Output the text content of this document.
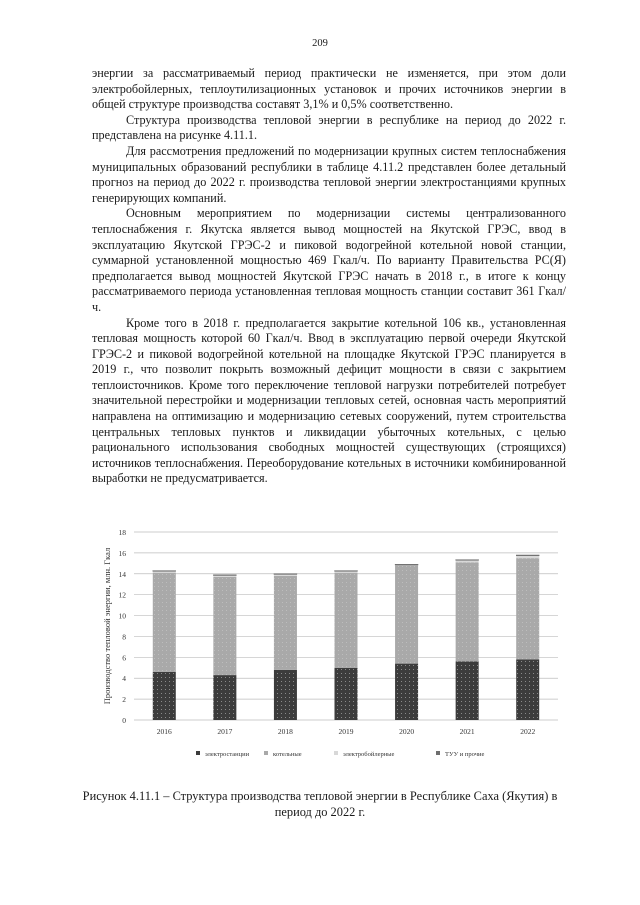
209

энергии за рассматриваемый период практически не изменяется, при этом доли электробойлерных, теплоутилизационных установок и прочих источников энергии в общей структуре производства составят 3,1% и 0,5% соответственно.

Структура производства тепловой энергии в республике на период до 2022 г. представлена на рисунке 4.11.1.

Для рассмотрения предложений по модернизации крупных систем теплоснабжения муниципальных образований республики в таблице 4.11.2 представлен более детальный прогноз на период до 2022 г. производства тепловой энергии электростанциями крупных генерирующих компаний.

Основным мероприятием по модернизации системы централизованного теплоснабжения г. Якутска является вывод мощностей на Якутской ГРЭС, ввод в эксплуатацию Якутской ГРЭС-2 и пиковой водогрейной котельной новой станции, суммарной установленной мощностью 469 Гкал/ч. По варианту Правительства РС(Я) предполагается вывод мощностей Якутской ГРЭС начать в 2018 г., в итоге к концу рассматриваемого периода установленная тепловая мощность станции составит 361 Гкал/ч.

Кроме того в 2018 г. предполагается закрытие котельной 106 кв., установленная тепловая мощность которой 60 Гкал/ч. Ввод в эксплуатацию первой очереди Якутской ГРЭС-2 и пиковой водогрейной котельной на площадке Якутской ГРЭС планируется в 2019 г., что позволит покрыть возможный дефицит мощности в связи с закрытием теплоисточников. Кроме того переключение тепловой нагрузки потребителей потребует значительной перестройки и модернизации тепловых сетей, основная часть мероприятий направлена на оптимизацию и модернизацию сетевых сооружений, путем строительства центральных тепловых пунктов и ликвидации убыточных котельных, с целью рационального использования свободных мощностей существующих (строящихся) источников теплоснабжения. Переоборудование котельных в источники комбинированной выработки не предусматривается.

0
2
4
6
8
10
12
14
16
18
Производство тепловой энергии, млн. Гкал
2016	2017	2018	2019	2020	2021	2022
электростанции	котельные	электробойлерные	ТУУ и прочие
Рисунок 4.11.1 – Структура производства тепловой энергии в Республике Саха (Якутия) в период до 2022 г.
